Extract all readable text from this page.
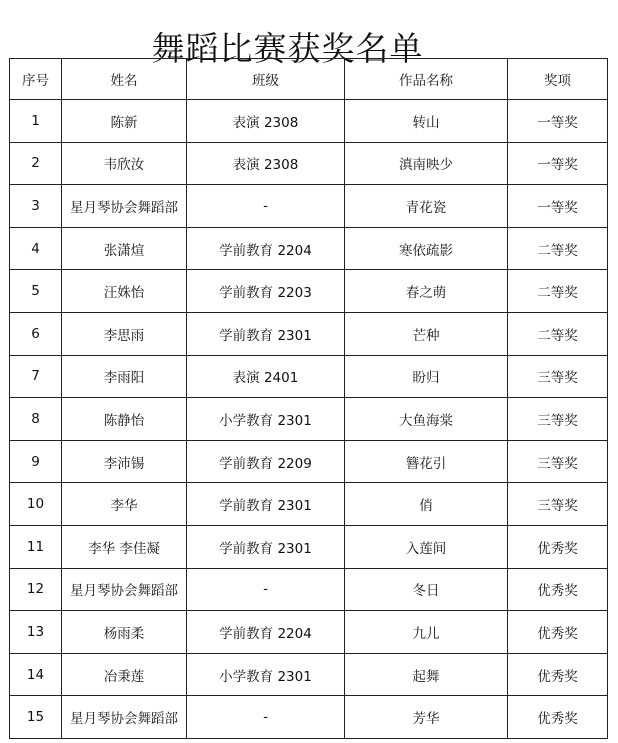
舞蹈比赛获奖名单
序号	姓名	班级	作品名称	奖项
1	陈新	表演 2308	转山	一等奖
2	韦欣汝	表演 2308	滇南映少	一等奖
3	星月琴协会舞蹈部	-	青花瓷	一等奖
4	张潇煊	学前教育 2204	寒依疏影	二等奖
5	汪姝怡	学前教育 2203	春之萌	二等奖
6	李思雨	学前教育 2301	芒种	二等奖
7	李雨阳	表演 2401	盼归	三等奖
8	陈静怡	小学教育 2301	大鱼海棠	三等奖
9	李沛锡	学前教育 2209	簪花引	三等奖
10	李华	学前教育 2301	俏	三等奖
11	李华 李佳凝	学前教育 2301	入莲间	优秀奖
12	星月琴协会舞蹈部	-	冬日	优秀奖
13	杨雨柔	学前教育 2204	九儿	优秀奖
14	冶秉莲	小学教育 2301	起舞	优秀奖
15	星月琴协会舞蹈部	-	芳华	优秀奖
